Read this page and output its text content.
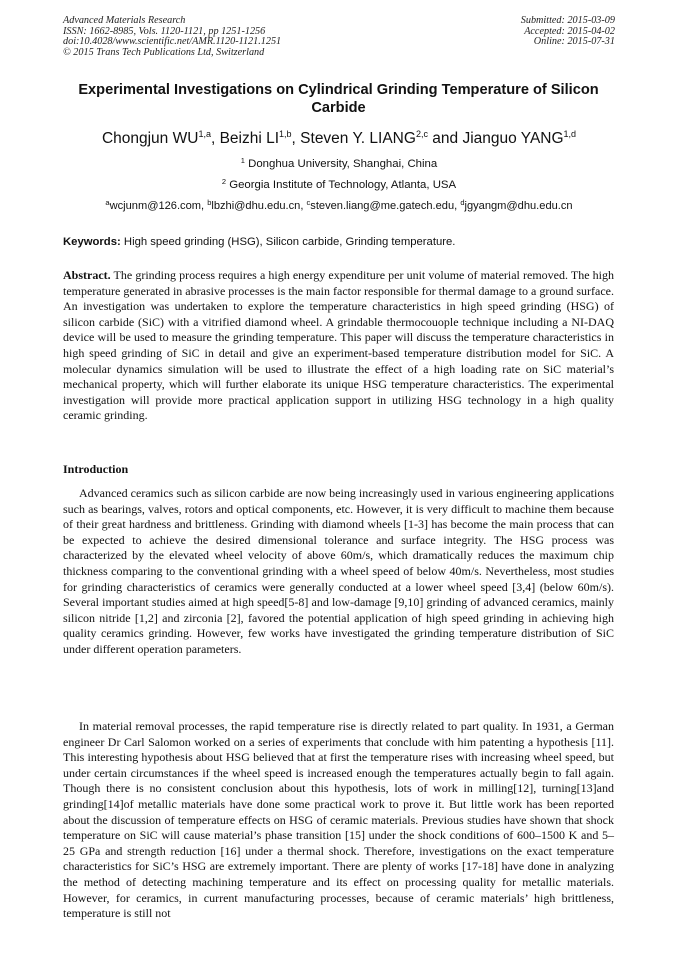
Advanced Materials Research
ISSN: 1662-8985, Vols. 1120-1121, pp 1251-1256
doi:10.4028/www.scientific.net/AMR.1120-1121.1251
© 2015 Trans Tech Publications Ltd, Switzerland
Submitted: 2015-03-09
Accepted: 2015-04-02
Online: 2015-07-31
Experimental Investigations on Cylindrical Grinding Temperature of Silicon Carbide
Chongjun WU$^{1,a}$, Beizhi LI$^{1,b}$, Steven Y. LIANG$^{2,c}$ and Jianguo YANG$^{1,d}$
$^1$ Donghua University, Shanghai, China
$^2$ Georgia Institute of Technology, Atlanta, USA
$^a$wcjunm@126.com, $^b$lbzhi@dhu.edu.cn, $^c$steven.liang@me.gatech.edu, $^d$jgyangm@dhu.edu.cn
Keywords: High speed grinding (HSG), Silicon carbide, Grinding temperature.
Abstract. The grinding process requires a high energy expenditure per unit volume of material removed. The high temperature generated in abrasive processes is the main factor responsible for thermal damage to a ground surface. An investigation was undertaken to explore the temperature characteristics in high speed grinding (HSG) of silicon carbide (SiC) with a vitrified diamond wheel. A grindable thermocouople technique including a NI-DAQ device will be used to measure the grinding temperature. This paper will discuss the temperature characteristics in high speed grinding of SiC in detail and give an experiment-based temperature distribution model for SiC. A molecular dynamics simulation will be used to illustrate the effect of a high loading rate on SiC material’s mechanical property, which will further elaborate its unique HSG temperature characteristics. The experimental investigation will provide more practical application support in utilizing HSG technology in a high quality ceramic grinding.
Introduction
Advanced ceramics such as silicon carbide are now being increasingly used in various engineering applications such as bearings, valves, rotors and optical components, etc. However, it is very difficult to machine them because of their great hardness and brittleness. Grinding with diamond wheels [1-3] has become the main process that can be expected to achieve the desired dimensional tolerance and surface integrity. The HSG process was characterized by the elevated wheel velocity of above 60m/s, which dramatically reduces the maximum chip thickness comparing to the conventional grinding with a wheel speed of below 40m/s. Nevertheless, most studies for grinding characteristics of ceramics were generally conducted at a lower wheel speed [3,4] (below 60m/s). Several important studies aimed at high speed[5-8] and low-damage [9,10] grinding of advanced ceramics, mainly silicon nitride [1,2] and zirconia [2], favored the potential application of high speed grinding in achieving high quality ceramics grinding. However, few works have investigated the grinding temperature distribution of SiC under different operation parameters.
In material removal processes, the rapid temperature rise is directly related to part quality. In 1931, a German engineer Dr Carl Salomon worked on a series of experiments that conclude with him patenting a hypothesis [11]. This interesting hypothesis about HSG believed that at first the temperature rises with increasing wheel speed, but under certain circumstances if the wheel speed is increased enough the temperatures actually begin to fall again. Though there is no consistent conclusion about this hypothesis, lots of work in milling[12], turning[13]and grinding[14]of metallic materials have done some practical work to prove it. But little work has been reported about the discussion of temperature effects on HSG of ceramic materials. Previous studies have shown that shock temperature on SiC will cause material’s phase transition [15] under the shock conditions of 600–1500 K and 5–25 GPa and strength reduction [16] under a thermal shock. Therefore, investigations on the exact temperature characteristics for SiC’s HSG are extremely important. There are plenty of works [17-18] have done in analyzing the method of detecting machining temperature and its effect on processing quality for metallic materials. However, for ceramics, in current manufacturing processes, because of ceramic materials’ high brittleness, temperature is still not
